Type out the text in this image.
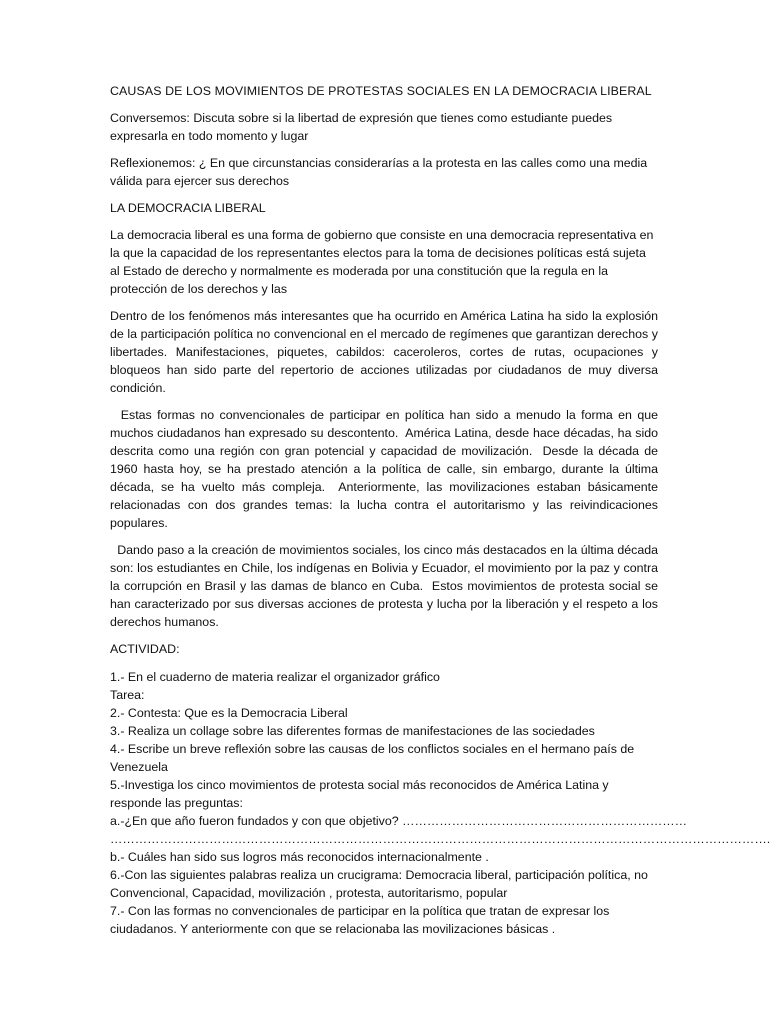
CAUSAS DE LOS MOVIMIENTOS DE PROTESTAS SOCIALES EN LA DEMOCRACIA LIBERAL

Conversemos: Discuta sobre si la libertad de expresión que tienes como estudiante puedes expresarla en todo momento y lugar

Reflexionemos: ¿ En que circunstancias considerarías a la protesta en las calles como una media válida para ejercer sus derechos

LA DEMOCRACIA LIBERAL

La democracia liberal es una forma de gobierno que consiste en una democracia representativa en la que la capacidad de los representantes electos para la toma de decisiones políticas está sujeta al Estado de derecho y normalmente es moderada por una constitución que la regula en la protección de los derechos y las

Dentro de los fenómenos más interesantes que ha ocurrido en América Latina ha sido la explosión de la participación política no convencional en el mercado de regímenes que garantizan derechos y libertades. Manifestaciones, piquetes, cabildos: caceroleros, cortes de rutas, ocupaciones y bloqueos han sido parte del repertorio de acciones utilizadas por ciudadanos de muy diversa condición.

Estas formas no convencionales de participar en política han sido a menudo la forma en que muchos ciudadanos han expresado su descontento.  América Latina, desde hace décadas, ha sido descrita como una región con gran potencial y capacidad de movilización.  Desde la década de 1960 hasta hoy, se ha prestado atención a la política de calle, sin embargo, durante la última década, se ha vuelto más compleja.  Anteriormente, las movilizaciones estaban básicamente relacionadas con dos grandes temas: la lucha contra el autoritarismo y las reivindicaciones populares.

Dando paso a la creación de movimientos sociales, los cinco más destacados en la última década son: los estudiantes en Chile, los indígenas en Bolivia y Ecuador, el movimiento por la paz y contra la corrupción en Brasil y las damas de blanco en Cuba.  Estos movimientos de protesta social se han caracterizado por sus diversas acciones de protesta y lucha por la liberación y el respeto a los derechos humanos.

ACTIVIDAD:

1.- En el cuaderno de materia realizar el organizador gráfico
Tarea:
2.- Contesta: Que es la Democracia Liberal
3.- Realiza un collage sobre las diferentes formas de manifestaciones de las sociedades
4.- Escribe un breve reflexión sobre las causas de los conflictos sociales en el hermano país de Venezuela
5.-Investiga los cinco movimientos de protesta social más reconocidos de América Latina y responde las preguntas:
a.-¿En que año fueron fundados y con que objetivo? ……………………………………………………………
…………………………………………………………………………………………………………………………………………….
b.- Cuáles han sido sus logros más reconocidos internacionalmente .
6.-Con las siguientes palabras realiza un crucigrama: Democracia liberal, participación política, no Convencional, Capacidad, movilización , protesta, autoritarismo, popular
7.- Con las formas no convencionales de participar en la política que tratan de expresar los ciudadanos. Y anteriormente con que se relacionaba las movilizaciones básicas .
